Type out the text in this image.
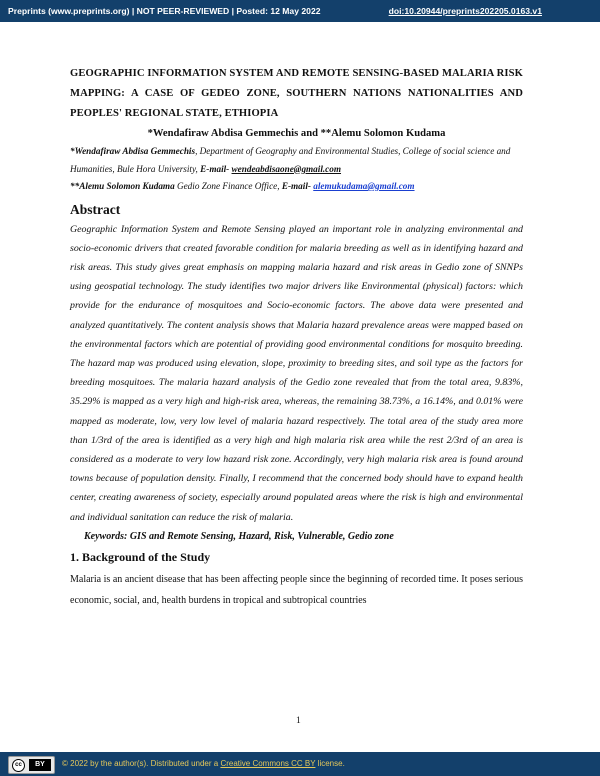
Preprints (www.preprints.org) | NOT PEER-REVIEWED | Posted: 12 May 2022	doi:10.20944/preprints202205.0163.v1
GEOGRAPHIC INFORMATION SYSTEM AND REMOTE SENSING-BASED MALARIA RISK MAPPING: A CASE OF GEDEO ZONE, SOUTHERN NATIONS NATIONALITIES AND PEOPLES' REGIONAL STATE, ETHIOPIA
*Wendafiraw Abdisa Gemmechis and **Alemu Solomon Kudama
*Wendafiraw Abdisa Gemmechis, Department of Geography and Environmental Studies, College of social science and Humanities, Bule Hora University, E-mail- wendeabdisaone@gmail.com
**Alemu Solomon Kudama Gedio Zone Finance Office, E-mail- alemukudama@gmail.com
Abstract

Geographic Information System and Remote Sensing played an important role in analyzing environmental and socio-economic drivers that created favorable condition for malaria breeding as well as in identifying hazard and risk areas. This study gives great emphasis on mapping malaria hazard and risk areas in Gedio zone of SNNPs using geospatial technology. The study identifies two major drivers like Environmental (physical) factors: which provide for the endurance of mosquitoes and Socio-economic factors. The above data were presented and analyzed quantitatively. The content analysis shows that Malaria hazard prevalence areas were mapped based on the environmental factors which are potential of providing good environmental conditions for mosquito breeding. The hazard map was produced using elevation, slope, proximity to breeding sites, and soil type as the factors for breeding mosquitoes. The malaria hazard analysis of the Gedio zone revealed that from the total area, 9.83%, 35.29% is mapped as a very high and high-risk area, whereas, the remaining 38.73%, a 16.14%, and 0.01% were mapped as moderate, low, very low level of malaria hazard respectively. The total area of the study area more than 1/3rd of the area is identified as a very high and high malaria risk area while the rest 2/3rd of an area is considered as a moderate to very low hazard risk zone. Accordingly, very high malaria risk area is found around towns because of population density. Finally, I recommend that the concerned body should have to expand health center, creating awareness of society, especially around populated areas where the risk is high and environmental and individual sanitation can reduce the risk of malaria.

Keywords: GIS and Remote Sensing, Hazard, Risk, Vulnerable, Gedio zone
1. Background of the Study

Malaria is an ancient disease that has been affecting people since the beginning of recorded time. It poses serious economic, social, and, health burdens in tropical and subtropical countries

1
cc	BY	© 2022 by the author(s). Distributed under a Creative Commons CC BY license.
